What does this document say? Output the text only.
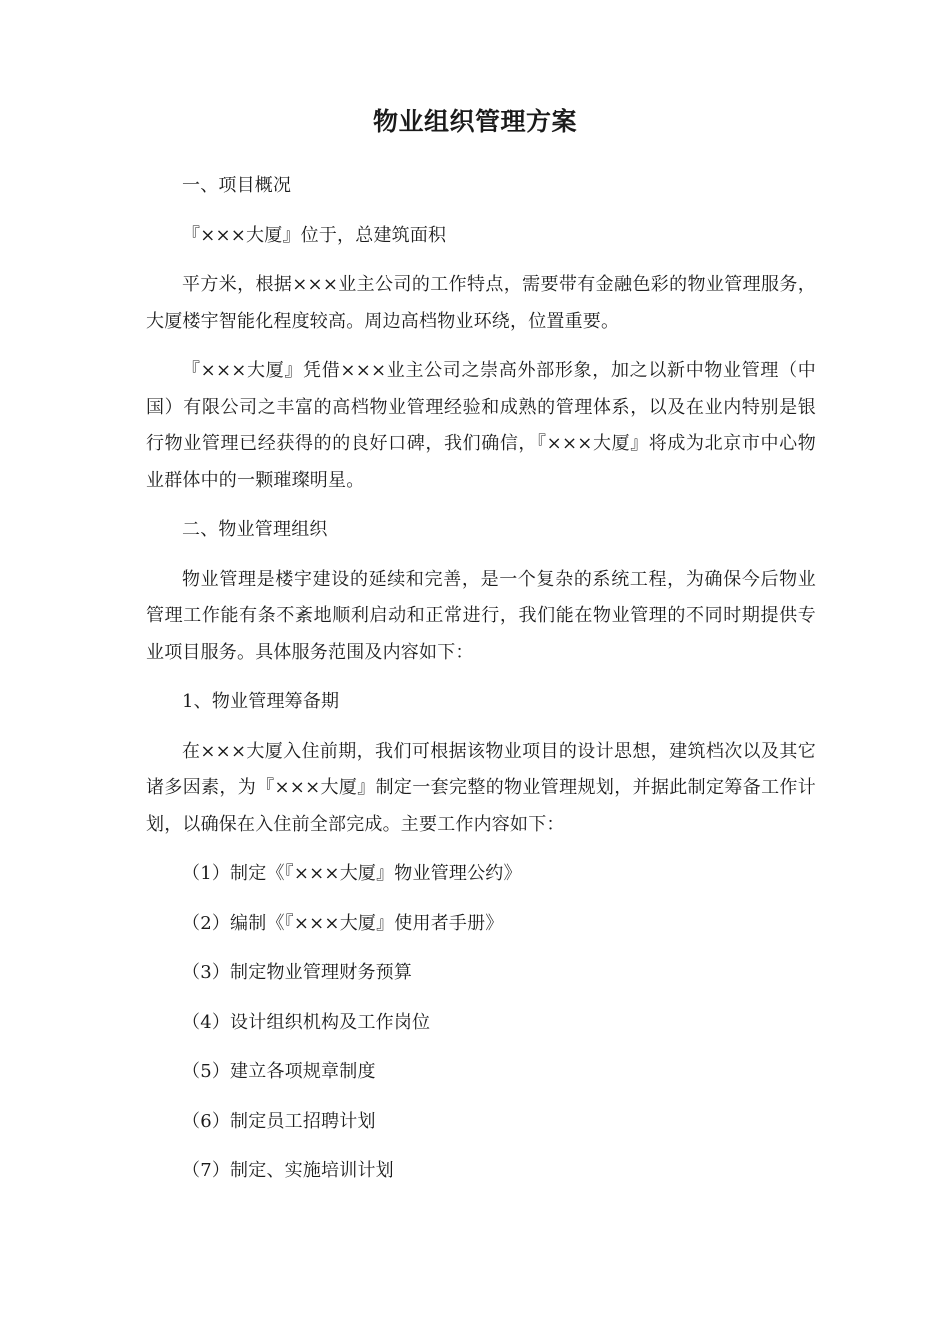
物业组织管理方案

一、项目概况

『×××大厦』位于，总建筑面积

平方米，根据×××业主公司的工作特点，需要带有金融色彩的物业管理服务，大厦楼宇智能化程度较高。周边高档物业环绕，位置重要。

『×××大厦』凭借×××业主公司之崇高外部形象，加之以新中物业管理（中国）有限公司之丰富的高档物业管理经验和成熟的管理体系，以及在业内特别是银行物业管理已经获得的的良好口碑，我们确信，『×××大厦』将成为北京市中心物业群体中的一颗璀璨明星。

二、物业管理组织

物业管理是楼宇建设的延续和完善，是一个复杂的系统工程，为确保今后物业管理工作能有条不紊地顺利启动和正常进行，我们能在物业管理的不同时期提供专业项目服务。具体服务范围及内容如下：

1、物业管理筹备期

在×××大厦入住前期，我们可根据该物业项目的设计思想，建筑档次以及其它诸多因素，为『×××大厦』制定一套完整的物业管理规划，并据此制定筹备工作计划，以确保在入住前全部完成。主要工作内容如下：

（1）制定《『×××大厦』物业管理公约》

（2）编制《『×××大厦』使用者手册》

（3）制定物业管理财务预算

（4）设计组织机构及工作岗位

（5）建立各项规章制度

（6）制定员工招聘计划

（7）制定、实施培训计划
